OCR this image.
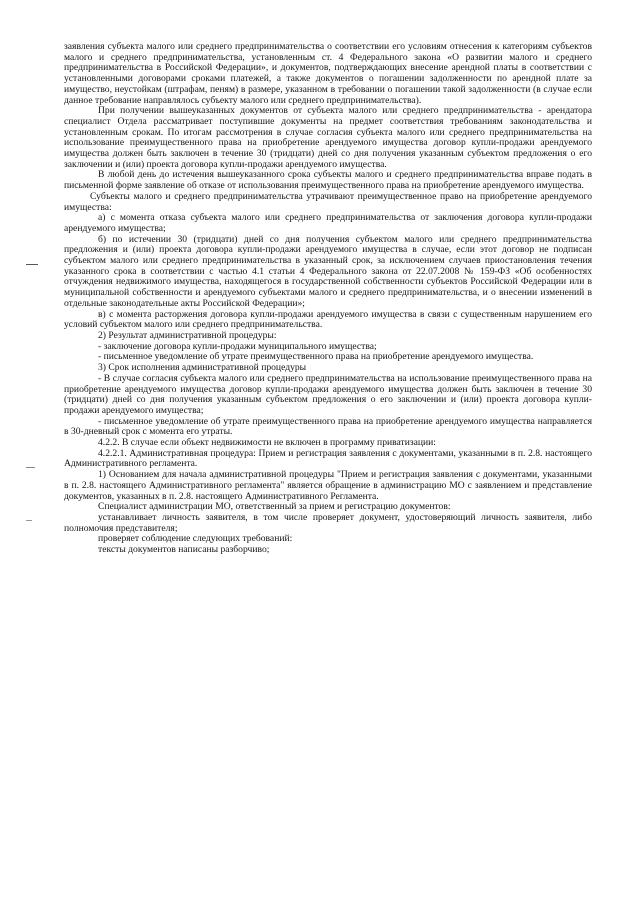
заявления субъекта малого или среднего предпринимательства о соответствии его условиям отнесения к категориям субъектов малого и среднего предпринимательства, установленным ст. 4 Федерального закона «О развитии малого и среднего предпринимательства в Российской Федерации», и документов, подтверждающих внесение арендной платы в соответствии с установленными договорами сроками платежей, а также документов о погашении задолженности по арендной плате за имущество, неустойкам (штрафам, пеням) в размере, указанном в требовании о погашении такой задолженности (в случае если данное требование направлялось субъекту малого или среднего предпринимательства).

При получении вышеуказанных документов от субъекта малого или среднего предпринимательства - арендатора специалист Отдела рассматривает поступившие документы на предмет соответствия требованиям законодательства и установленным срокам. По итогам рассмотрения в случае согласия субъекта малого или среднего предпринимательства на использование преимущественного права на приобретение арендуемого имущества договор купли-продажи арендуемого имущества должен быть заключен в течение 30 (тридцати) дней со дня получения указанным субъектом предложения о его заключении и (или) проекта договора купли-продажи арендуемого имущества.

В любой день до истечения вышеуказанного срока субъекты малого и среднего предпринимательства вправе подать в письменной форме заявление об отказе от использования преимущественного права на приобретение арендуемого имущества.

Субъекты малого и среднего предпринимательства утрачивают преимущественное право на приобретение арендуемого имущества:

а) с момента отказа субъекта малого или среднего предпринимательства от заключения договора купли-продажи арендуемого имущества;

б) по истечении 30 (тридцати) дней со дня получения субъектом малого или среднего предпринимательства предложения и (или) проекта договора купли-продажи арендуемого имущества в случае, если этот договор не подписан субъектом малого или среднего предпринимательства в указанный срок, за исключением случаев приостановления течения указанного срока в соответствии с частью 4.1 статьи 4 Федерального закона от 22.07.2008 № 159-ФЗ «Об особенностях отчуждения недвижимого имущества, находящегося в государственной собственности субъектов Российской Федерации или в муниципальной собственности и арендуемого субъектами малого и среднего предпринимательства, и о внесении изменений в отдельные законодательные акты Российской Федерации»;

в) с момента расторжения договора купли-продажи арендуемого имущества в связи с существенным нарушением его условий субъектом малого или среднего предпринимательства.

2) Результат административной процедуры:

- заключение договора купли-продажи муниципального имущества;

- письменное уведомление об утрате преимущественного права на приобретение арендуемого имущества.

3) Срок исполнения административной процедуры

- В случае согласия субъекта малого или среднего предпринимательства на использование преимущественного права на приобретение арендуемого имущества договор купли-продажи арендуемого имущества должен быть заключен в течение 30 (тридцати) дней со дня получения указанным субъектом предложения о его заключении и (или) проекта договора купли-продажи арендуемого имущества;

- письменное уведомление об утрате преимущественного права на приобретение арендуемого имущества направляется в 30-дневный срок с момента его утраты.

4.2.2. В случае если объект недвижимости не включен в программу приватизации:

4.2.2.1. Административная процедура: Прием и регистрация заявления с документами, указанными в п. 2.8. настоящего Административного регламента.

1) Основанием для начала административной процедуры "Прием и регистрация заявления с документами, указанными в п. 2.8. настоящего Административного регламента" является обращение в администрацию МО с заявлением и представление документов, указанных в п. 2.8. настоящего Административного Регламента.

Специалист администрации МО, ответственный за прием и регистрацию документов:

устанавливает личность заявителя, в том числе проверяет документ, удостоверяющий личность заявителя, либо полномочия представителя;

проверяет соблюдение следующих требований:

тексты документов написаны разборчиво;
